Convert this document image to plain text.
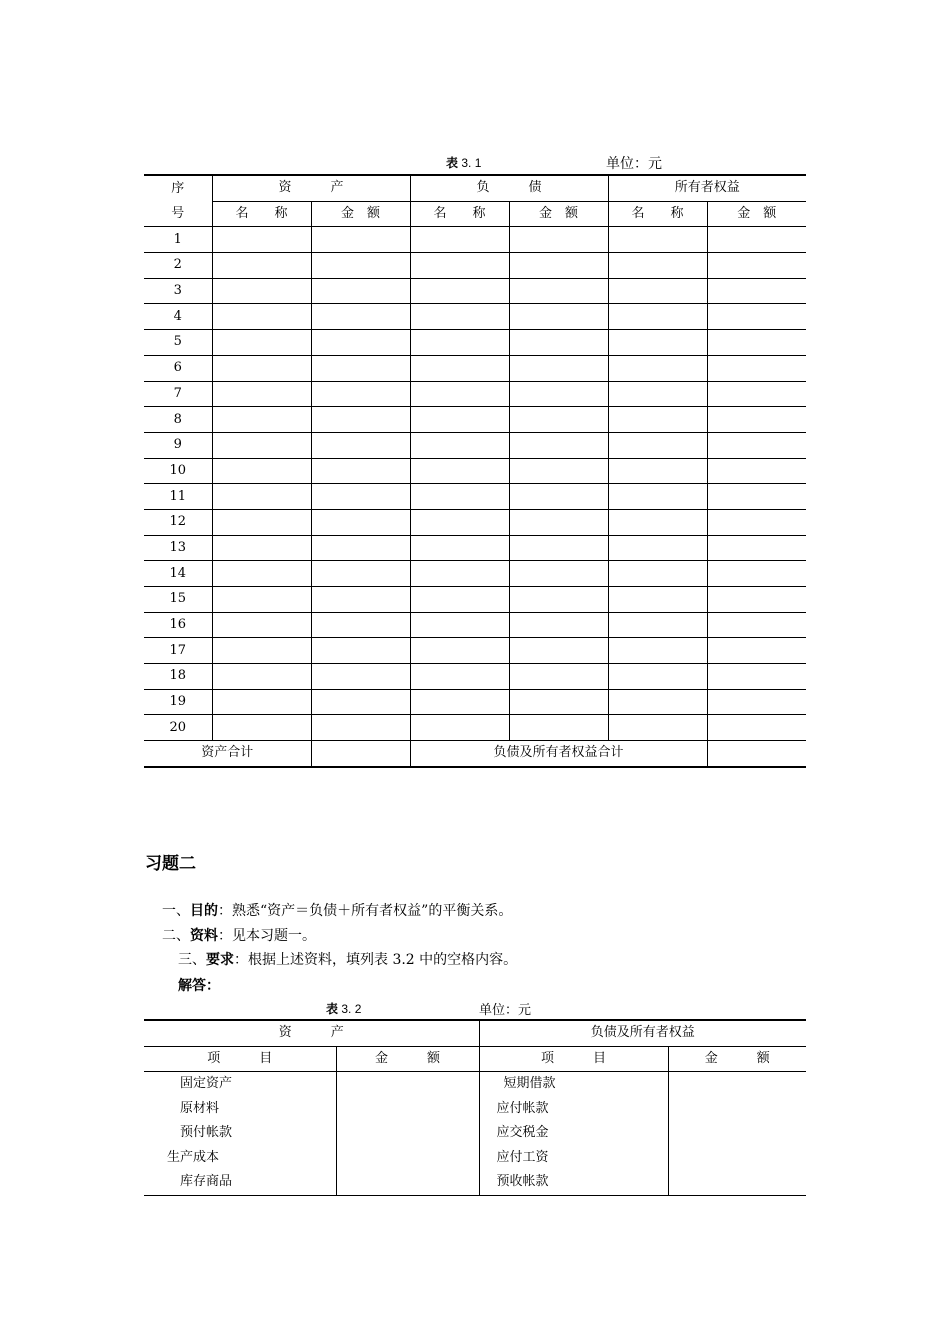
表 3. 1	单位：元
序	资　　　产		负　　　债		所有者权益	
号	名　　称	金　额	名　　称	金　额	名　　称	金　额
1						
2						
3						
4						
5						
6						
7						
8						
9						
10						
11						
12						
13						
14						
15						
16						
17						
18						
19						
20						
资产合计			负债及所有者权益合计			
习题二
一、目的：熟悉“资产＝负债＋所有者权益”的平衡关系。
二、资料：见本习题一。
三、要求：根据上述资料，填列表 3.2 中的空格内容。
解答：
表 3. 2	单位：元
资　　　产		负债及所有者权益	
项　　　目	金　　　额	项　　　目	金　　　额
固定资产		短期借款	
原材料		应付帐款	
预付帐款		应交税金	
生产成本		应付工资	
库存商品		预收帐款	
